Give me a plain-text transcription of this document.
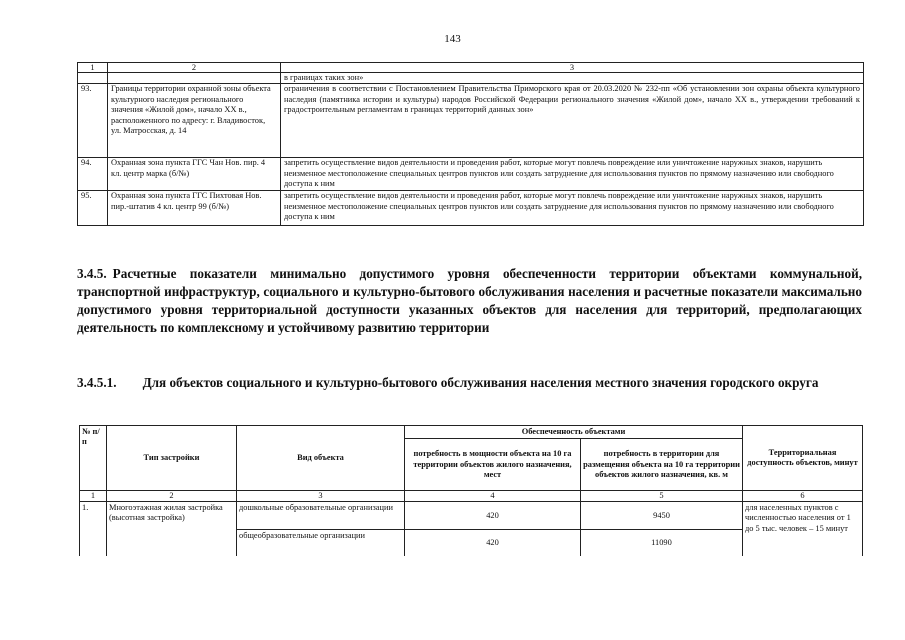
143
1	2	3
		в границах таких зон»
93.	Границы территории охранной зоны объекта культурного наследия регионального значения «Жилой дом», начало XX в., расположенного по адресу: г. Владивосток, ул. Матросская, д. 14	ограничения в соответствии с Постановлением Правительства Приморского края от 20.03.2020 № 232-пп «Об установлении зон охраны объекта культурного наследия (памятника истории и культуры) народов Российской Федерации регионального значения «Жилой дом», начало XX в., утверждении требований к градостроительным регламентам в границах территорий данных зон»
94.	Охранная зона пункта ГГС Чан Нов. пир. 4 кл. центр марка (б/№)	запретить осуществление видов деятельности и проведения работ, которые могут повлечь повреждение или уничтожение наружных знаков, нарушить неизменное местоположение специальных центров пунктов или создать затруднение для использования пунктов по прямому назначению или свободного доступа к ним
95.	Охранная зона пункта ГГС Пихтовая Нов. пир.-штатив 4 кл. центр 99 (б/№)	запретить осуществление видов деятельности и проведения работ, которые могут повлечь повреждение или уничтожение наружных знаков, нарушить неизменное местоположение специальных центров пунктов или создать затруднение для использования пунктов по прямому назначению или свободного доступа к ним
3.4.5. Расчетные показатели минимально допустимого уровня обеспеченности территории объектами коммунальной, транспортной инфраструктур, социального и культурно-бытового обслуживания населения и расчетные показатели максимально допустимого уровня территориальной доступности указанных объектов для населения для территорий, предполагающих деятельность по комплексному и устойчивому развитию территории
3.4.5.1. Для объектов социального и культурно-бытового обслуживания населения местного значения городского округа
№ п/п	Тип застройки	Вид объекта	Обеспеченность объектами		Территориальная доступность объектов, минут
			потребность в мощности объекта на 10 га территории объектов жилого назначения, мест	потребность в территории для размещения объекта на 10 га территории объектов жилого назначения, кв. м	
1	2	3	4	5	6
1.	Многоэтажная жилая застройка (высотная застройка)	дошкольные образовательные организации	420	9450	для населенных пунктов с численностью населения от 1 до 5 тыс. человек – 15 минут
		общеобразовательные организации	420	11090	
